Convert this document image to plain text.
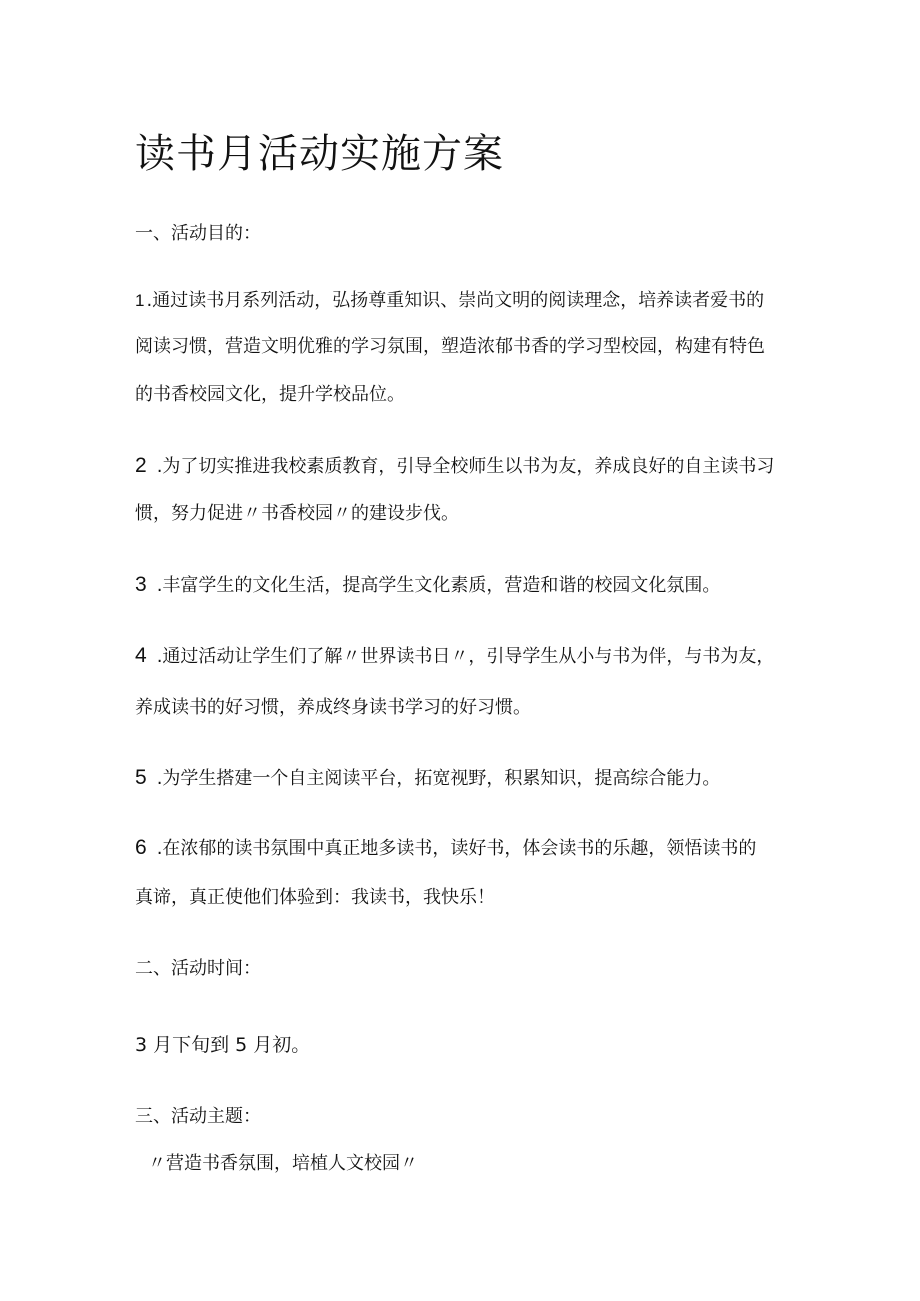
读书月活动实施方案

一、活动目的：

1 .通过读书月系列活动，弘扬尊重知识、崇尚文明的阅读理念，培养读者爱书的

阅读习惯，营造文明优雅的学习氛围，塑造浓郁书香的学习型校园，构建有特色

的书香校园文化，提升学校品位。

2 .为了切实推进我校素质教育，引导全校师生以书为友，养成良好的自主读书习

惯，努力促进〃书香校园〃的建设步伐。

3 .丰富学生的文化生活，提高学生文化素质，营造和谐的校园文化氛围。

4 .通过活动让学生们了解〃世界读书日〃，引导学生从小与书为伴，与书为友，

养成读书的好习惯，养成终身读书学习的好习惯。

5 .为学生搭建一个自主阅读平台，拓宽视野，积累知识，提高综合能力。

6 .在浓郁的读书氛围中真正地多读书，读好书，体会读书的乐趣，领悟读书的

真谛，真正使他们体验到：我读书，我快乐！

二、活动时间：

3 月下旬到 5 月初。

三、活动主题：

〃营造书香氛围，培植人文校园〃
